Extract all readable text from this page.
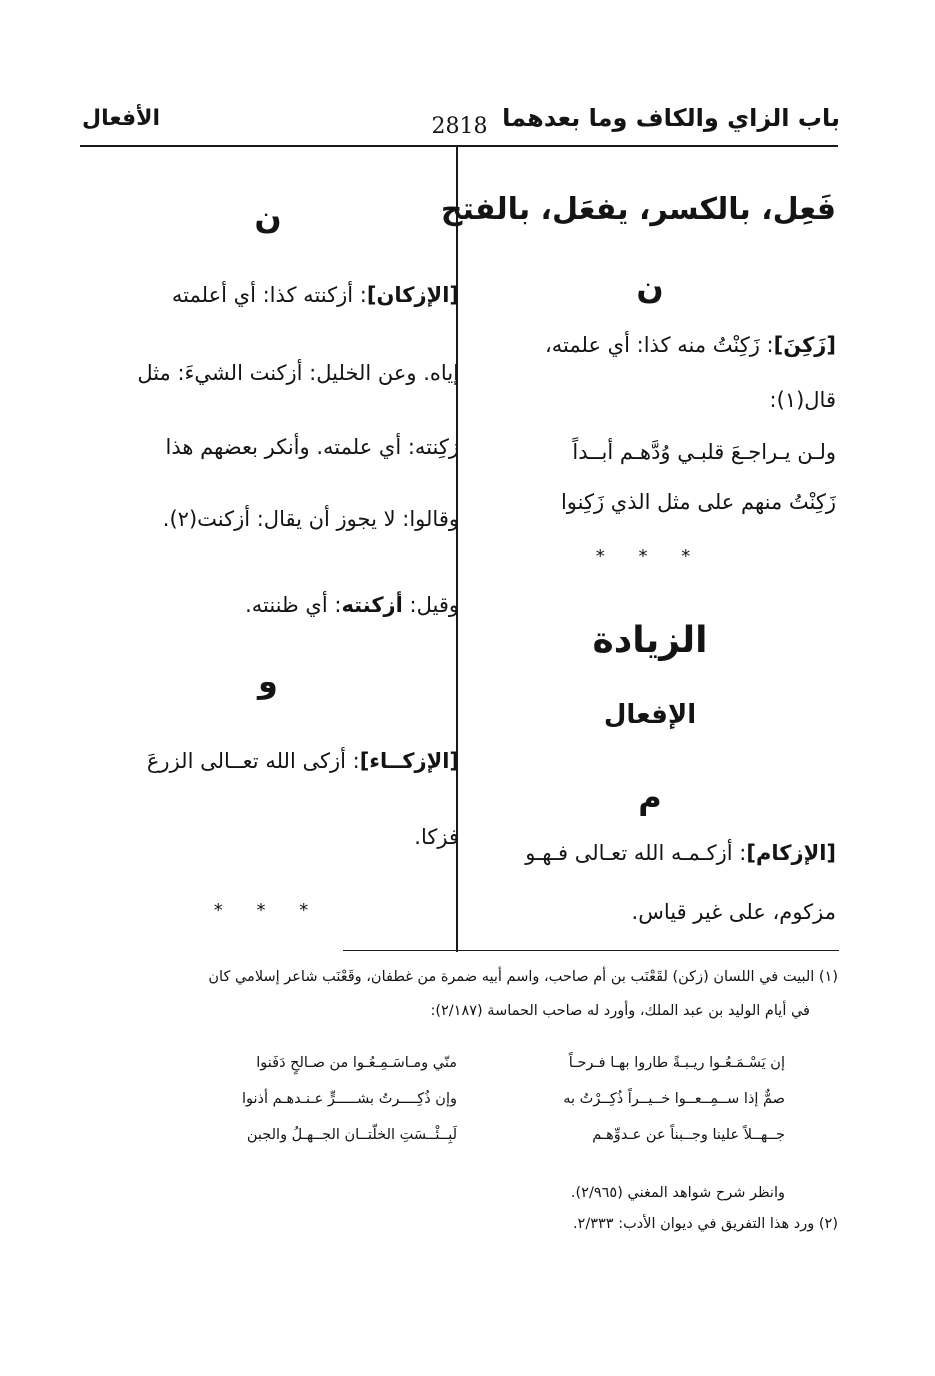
باب الزاي والكاف وما بعدهما
2818
الأفعال
فَعِل، بالكسر، يفعَل، بالفتح
ن
[زَكِنَ]: زَكِنْتُ منه كذا: أي علمته،
قال(١):
ولـن يـراجـعَ قلبـي وُدَّهـم أبــداً
زَكِنْتُ منهم على مثل الذي زَكِنوا
* * *
الزيادة
الإفعال
م
[الإزكام]: أزكـمـه الله تعـالى فـهـو
مزكوم، على غير قياس.
ن
[الإزكان]: أزكنته كذا: أي أعلمته
إياه. وعن الخليل: أزكنت الشيءَ: مثل
زكِنته: أي علمته. وأنكر بعضهم هذا
وقالوا: لا يجوز أن يقال: أزكنت(٢).
وقيل: أزكنته: أي ظننته.
و
[الإزكــاء]: أزكى الله تعــالى الزرعَ
فزكا.
* * *
(١) البيت في اللسان (زكن) لقَعْنَب بن أم صاحب، واسم أبيه ضمرة من غطفان، وقَعْنَب شاعر إسلامي كان
في أيام الوليد بن عبد الملك، وأورد له صاحب الحماسة (٢/١٨٧):
إن يَسْـمَـعُـوا ريـبـةً طاروا بهـا فـرحـاً
منّي ومـاسَـمِـعُـوا من صـالحٍ دَفَنوا
صمٌّ إذا ســمِــعــوا خــيــراً ذُكِــرْتُ به
وإن ذُكِــــرتُ بشـــــرٍّ عـنـدهـم أذنوا
جــهــلاً علينا وجــبناً عن عـدوِّهـم
لَبِــئْــسَتِ الخلّتــان الجــهـلُ والجبن
وانظر شرح شواهد المغني (٢/٩٦٥).
(٢) ورد هذا التفريق في ديوان الأدب: ٢/٣٣٣.
